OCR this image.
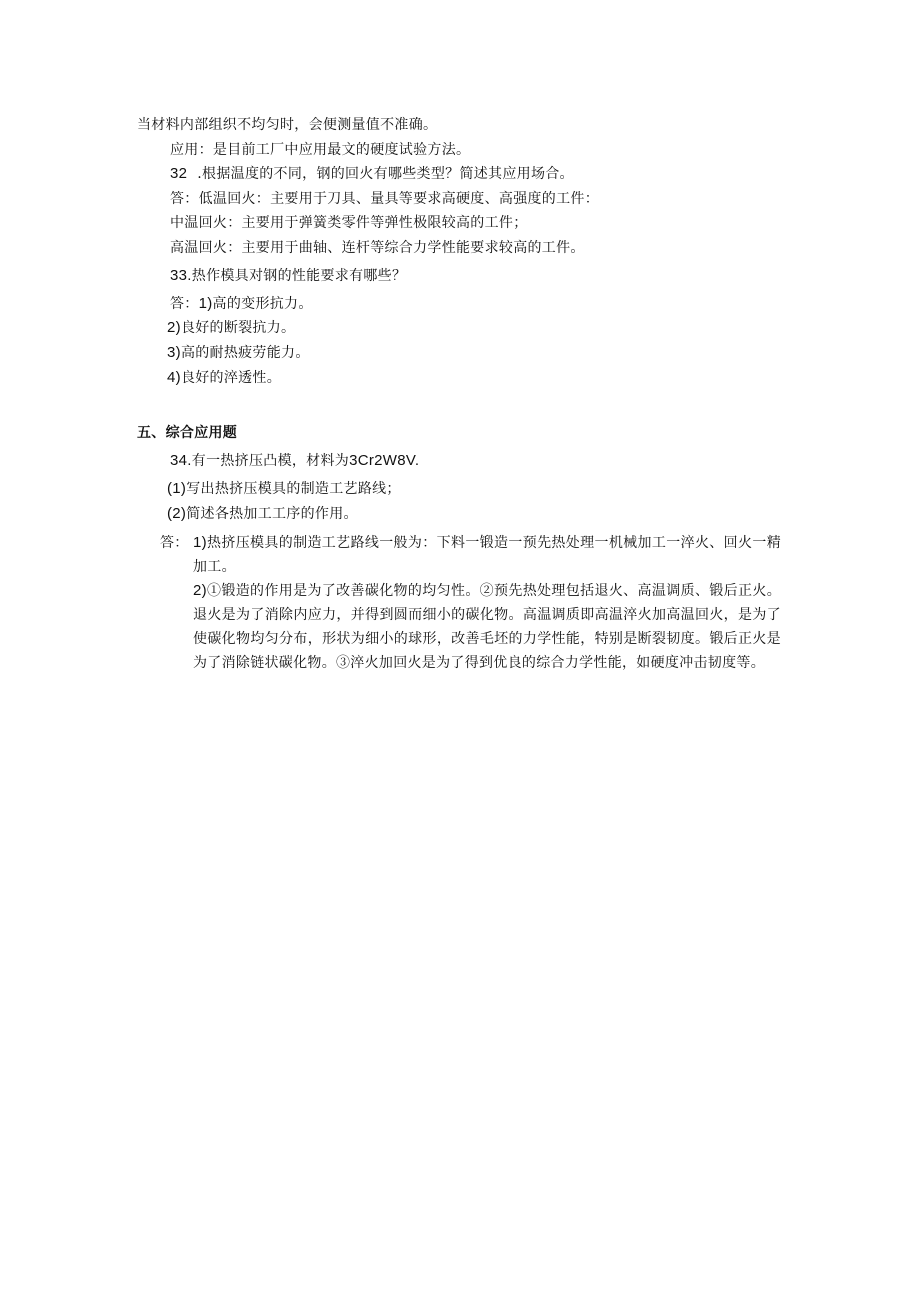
当材料内部组织不均匀时，会便测量值不准确。
应用：是目前工厂中应用最文的硬度试验方法。
32 .根据温度的不同，钢的回火有哪些类型？简述其应用场合。
答：低温回火：主要用于刀具、量具等要求高硬度、高强度的工件：
中温回火：主要用于弹簧类零件等弹性极限较高的工件；
高温回火：主要用于曲轴、连杆等综合力学性能要求较高的工件。
33.热作模具对钢的性能要求有哪些？
答：1)高的变形抗力。
2)良好的断裂抗力。
3)高的耐热疲劳能力。
4)良好的淬透性。
五、综合应用题
34.有一热挤压凸模，材料为3Cr2W8V.
(1)写出热挤压模具的制造工艺路线；
(2)简述各热加工工序的作用。
答： 1)热挤压模具的制造工艺路线一般为：下料一锻造一预先热处理一机械加工一淬火、回火一精加工。
2)①锻造的作用是为了改善碳化物的均匀性。②预先热处理包括退火、高温调质、锻后正火。退火是为了消除内应力，并得到圆而细小的碳化物。高温调质即高温淬火加高温回火，是为了使碳化物均匀分布，形状为细小的球形，改善毛坯的力学性能，特别是断裂韧度。锻后正火是为了消除链状碳化物。③淬火加回火是为了得到优良的综合力学性能，如硬度冲击韧度等。
